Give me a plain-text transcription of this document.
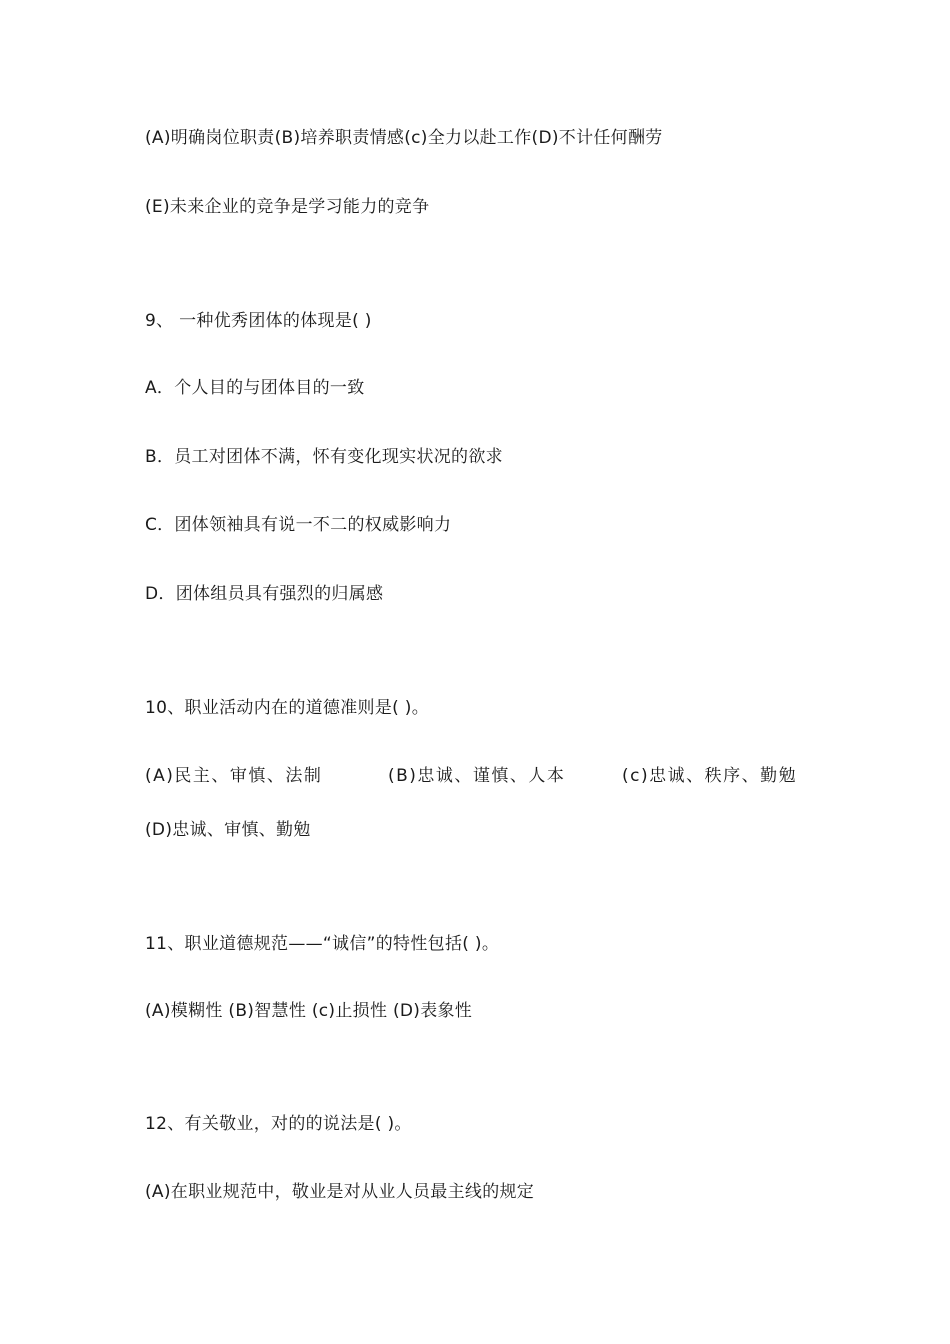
(A)明确岗位职责(B)培养职责情感(c)全力以赴工作(D)不计任何酬劳
(E)未来企业的竞争是学习能力的竞争
9、 一种优秀团体的体现是( )
A．个人目的与团体目的一致
B．员工对团体不满，怀有变化现实状况的欲求
C．团体领袖具有说一不二的权威影响力
D．团体组员具有强烈的归属感
10、职业活动内在的道德准则是( )。
(A)民主、审慎、法制	(B)忠诚、谨慎、人本	(c)忠诚、秩序、勤勉
(D)忠诚、审慎、勤勉
11、职业道德规范——“诚信”的特性包括( )。
(A)模糊性 (B)智慧性 (c)止损性 (D)表象性
12、有关敬业，对的的说法是( )。
(A)在职业规范中，敬业是对从业人员最主线的规定
